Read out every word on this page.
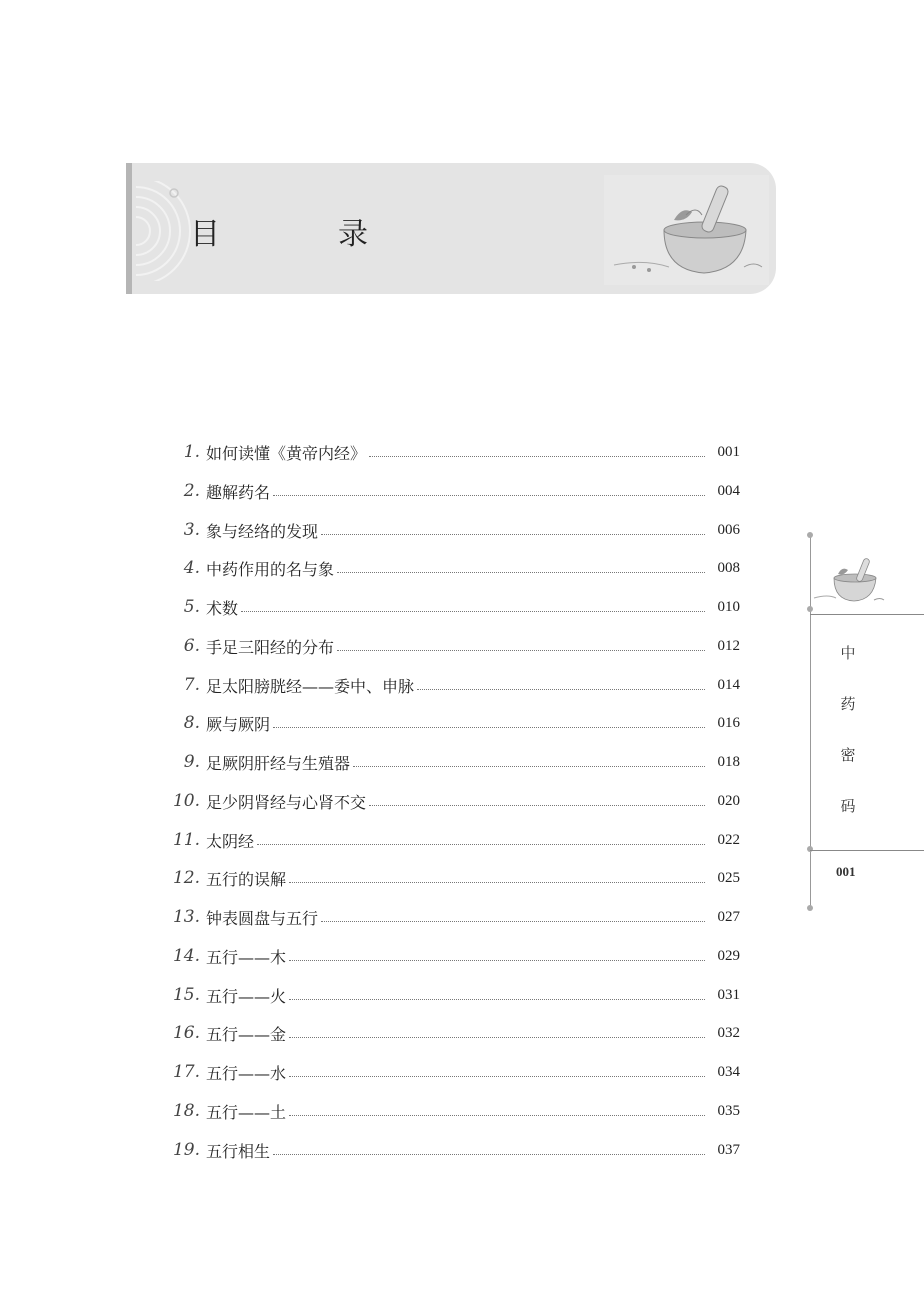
目　录
1. 如何读懂《黄帝内经》	001
2. 趣解药名	004
3. 象与经络的发现	006
4. 中药作用的名与象	008
5. 术数	010
6. 手足三阳经的分布	012
7. 足太阳膀胱经——委中、申脉	014
8. 厥与厥阴	016
9. 足厥阴肝经与生殖器	018
10. 足少阴肾经与心肾不交	020
11. 太阴经	022
12. 五行的误解	025
13. 钟表圆盘与五行	027
14. 五行——木	029
15. 五行——火	031
16. 五行——金	032
17. 五行——水	034
18. 五行——土	035
19. 五行相生	037
中
药
密
码
001
